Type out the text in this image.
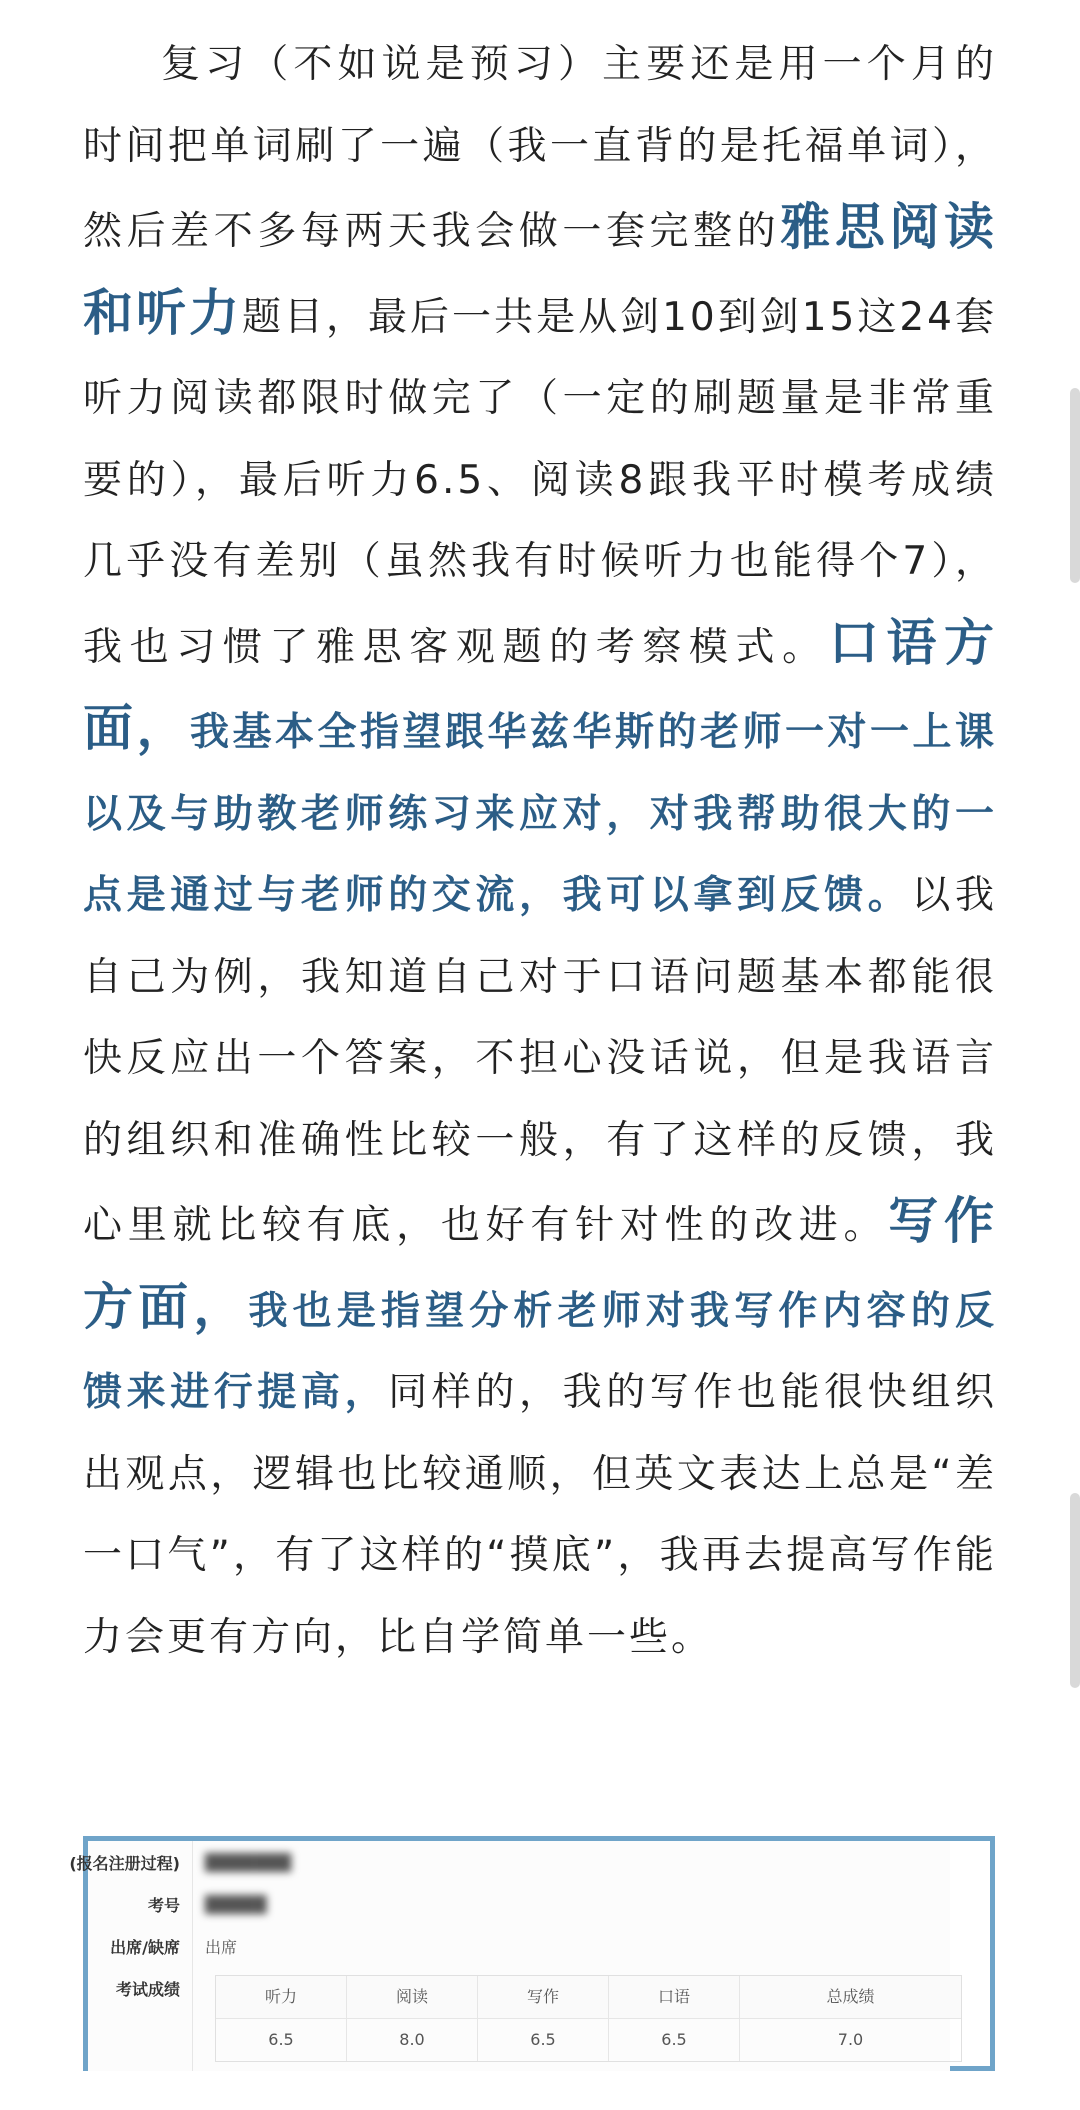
复习（不如说是预习）主要还是用一个月的时间把单词刷了一遍（我一直背的是托福单词），然后差不多每两天我会做一套完整的雅思阅读和听力题目，最后一共是从剑10到剑15这24套听力阅读都限时做完了（一定的刷题量是非常重要的），最后听力6.5、阅读8跟我平时模考成绩几乎没有差别（虽然我有时候听力也能得个7），我也习惯了雅思客观题的考察模式。口语方面，我基本全指望跟华兹华斯的老师一对一上课以及与助教老师练习来应对，对我帮助很大的一点是通过与老师的交流，我可以拿到反馈。以我自己为例，我知道自己对于口语问题基本都能很快反应出一个答案，不担心没话说，但是我语言的组织和准确性比较一般，有了这样的反馈，我心里就比较有底，也好有针对性的改进。写作方面，我也是指望分析老师对我写作内容的反馈来进行提高，同样的，我的写作也能很快组织出观点，逻辑也比较通顺，但英文表达上总是“差一口气”，有了这样的“摸底”，我再去提高写作能力会更有方向，比自学简单一些。

(报名注册过程)	███████
考号	█████
出席/缺席	出席
考试成绩	听力	阅读	写作	口语	总成绩
6.5	8.0	6.5	6.5	7.0
